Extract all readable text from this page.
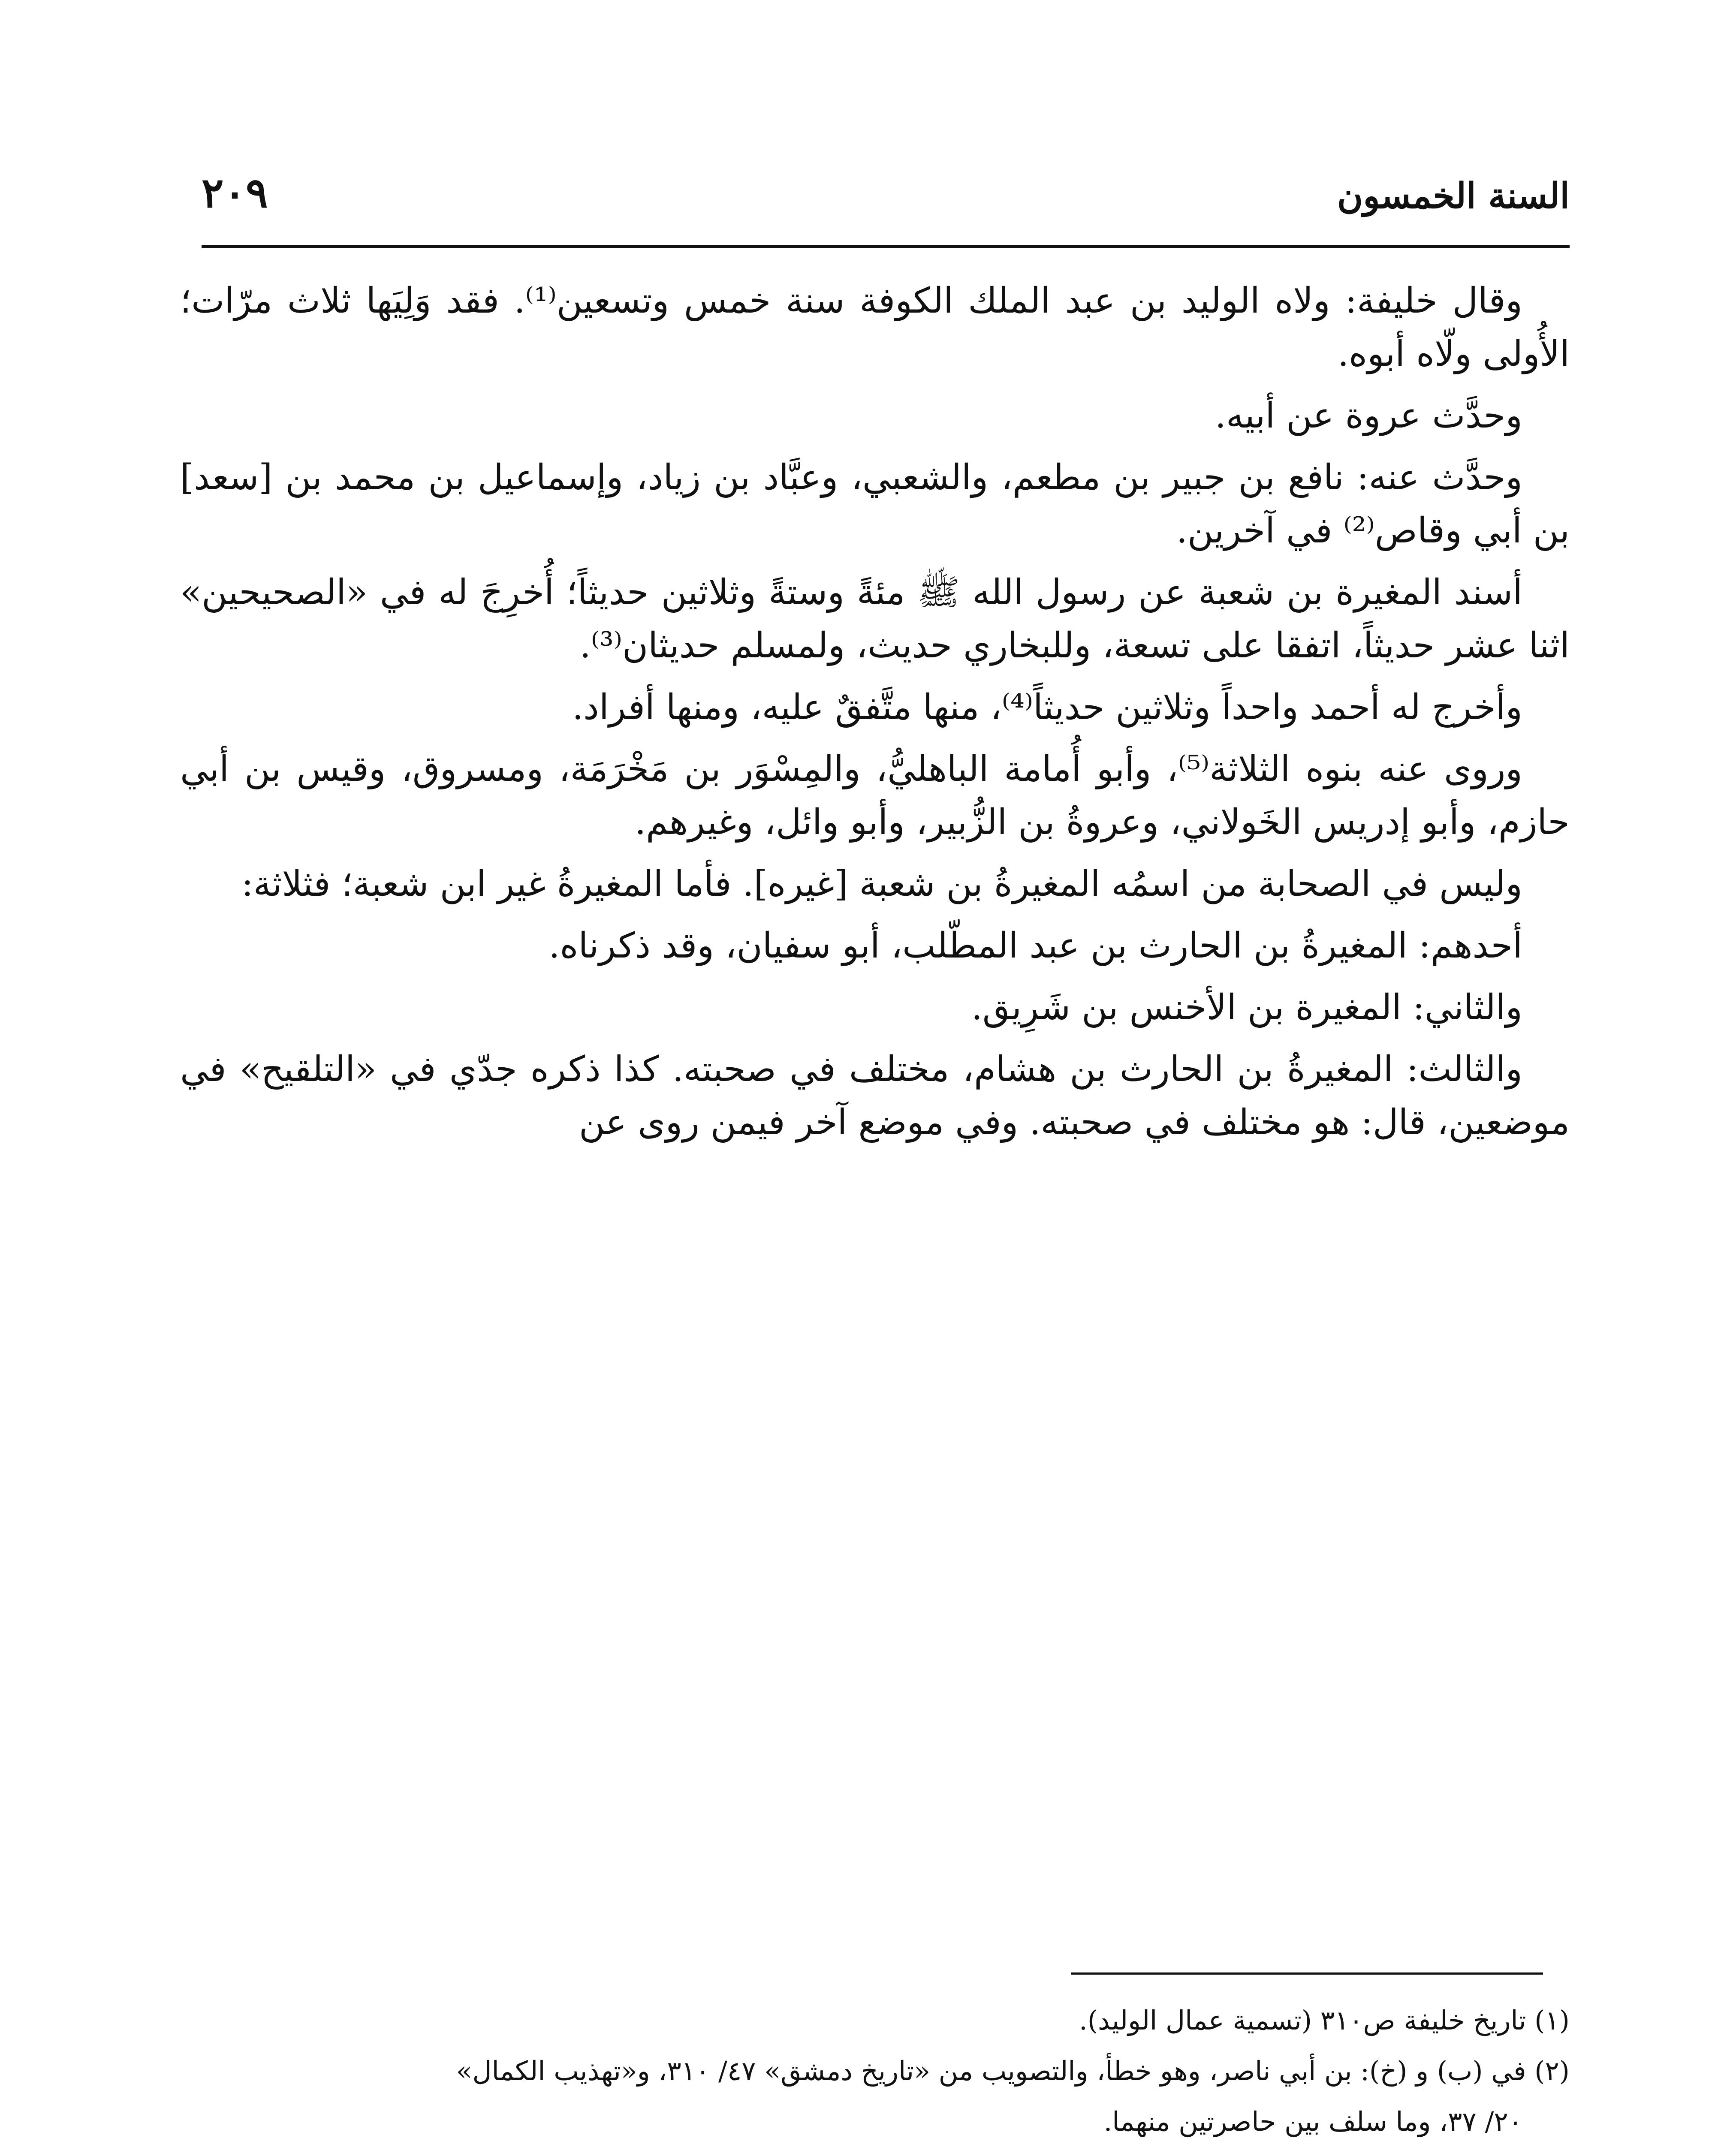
السنة الخمسون
٢٠٩

وقال خليفة: ولاه الوليد بن عبد الملك الكوفة سنة خمس وتسعين⁽¹⁾. فقد وَلِيَها ثلاث مرّات؛ الأُولى ولّاه أبوه.

وحدَّث عروة عن أبيه.

وحدَّث عنه: نافع بن جبير بن مطعم، والشعبي، وعبَّاد بن زياد، وإسماعيل بن محمد بن [سعد] بن أبي وقاص⁽²⁾ في آخرين.

أسند المغيرة بن شعبة عن رسول الله ﷺ مئةً وستةً وثلاثين حديثاً؛ أُخرِجَ له في «الصحيحين» اثنا عشر حديثاً، اتفقا على تسعة، وللبخاري حديث، ولمسلم حديثان⁽³⁾.

وأخرج له أحمد واحداً وثلاثين حديثاً⁽⁴⁾، منها متَّفقٌ عليه، ومنها أفراد.

وروى عنه بنوه الثلاثة⁽⁵⁾، وأبو أُمامة الباهليُّ، والمِسْوَر بن مَخْرَمَة، ومسروق، وقيس بن أبي حازم، وأبو إدريس الخَولاني، وعروةُ بن الزُّبير، وأبو وائل، وغيرهم.

وليس في الصحابة من اسمُه المغيرةُ بن شعبة [غيره]. فأما المغيرةُ غير ابن شعبة؛ فثلاثة:

أحدهم: المغيرةُ بن الحارث بن عبد المطّلب، أبو سفيان، وقد ذكرناه.

والثاني: المغيرة بن الأخنس بن شَرِيق.

والثالث: المغيرةُ بن الحارث بن هشام، مختلف في صحبته. كذا ذكره جدّي في «التلقيح» في موضعين، قال: هو مختلف في صحبته. وفي موضع آخر فيمن روى عن

(١) تاريخ خليفة ص٣١٠ (تسمية عمال الوليد).

(٢) في (ب) و (خ): بن أبي ناصر، وهو خطأ، والتصويب من «تاريخ دمشق» ٤٧/ ٣١٠، و«تهذيب الكمال»

٢٠/ ٣٧، وما سلف بين حاصرتين منهما.
